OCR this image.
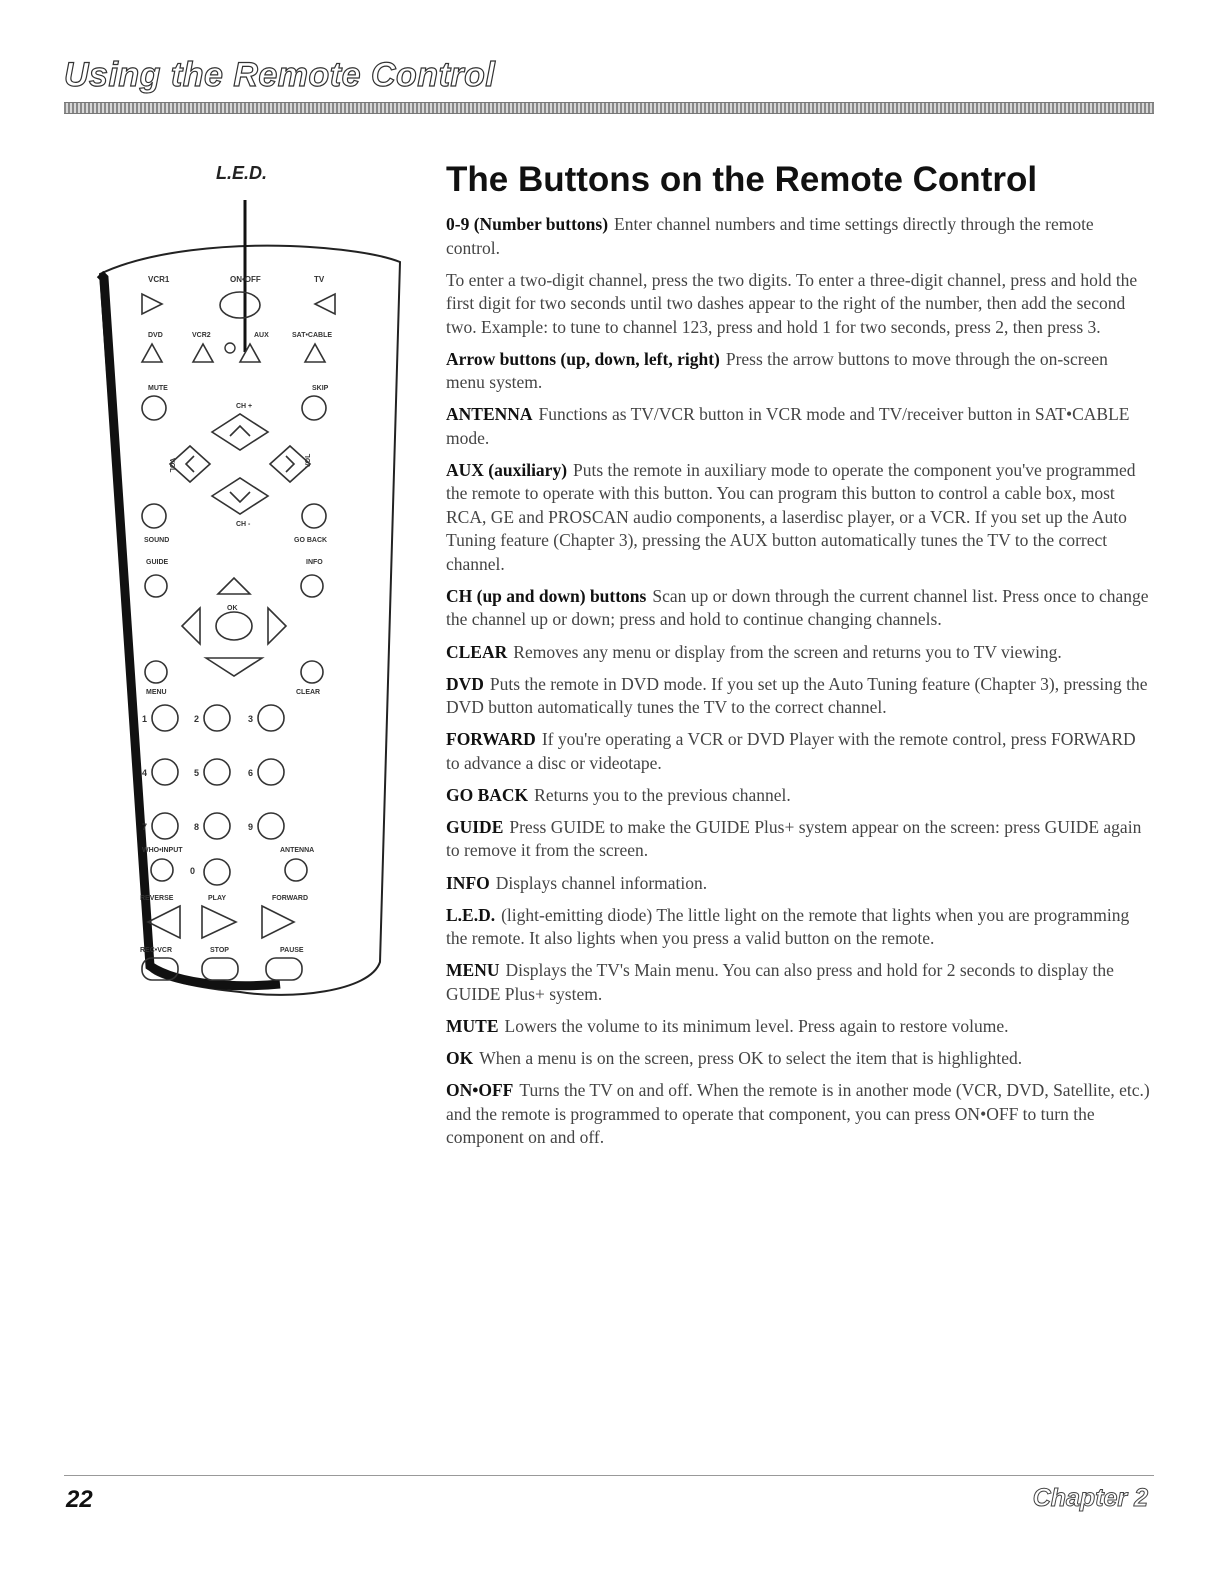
Using the Remote Control
L.E.D.
VCR1	ON•OFF	TV
DVD	VCR2	AUX	SAT•CABLE
MUTE	SKIP
CH +
VOL	VOL
CH -
SOUND	GO BACK
GUIDE	INFO
OK
MENU	CLEAR
1	2	3
4	5	6
7	8	9
WHO•INPUT	ANTENNA
0
REVERSE	PLAY	FORWARD
REC•VCR	STOP	PAUSE
The Buttons on the Remote Control

0-9 (Number buttons) Enter channel numbers and time settings directly through the remote control.

To enter a two-digit channel, press the two digits. To enter a three-digit channel, press and hold the first digit for two seconds until two dashes appear to the right of the number, then add the second two. Example: to tune to channel 123, press and hold 1 for two seconds, press 2, then press 3.

Arrow buttons (up, down, left, right) Press the arrow buttons to move through the on-screen menu system.

ANTENNA Functions as TV/VCR button in VCR mode and TV/receiver button in SAT•CABLE mode.

AUX (auxiliary) Puts the remote in auxiliary mode to operate the component you've programmed the remote to operate with this button. You can program this button to control a cable box, most RCA, GE and PROSCAN audio components, a laserdisc player, or a VCR. If you set up the Auto Tuning feature (Chapter 3), pressing the AUX button automatically tunes the TV to the correct channel.

CH (up and down) buttons Scan up or down through the current channel list. Press once to change the channel up or down; press and hold to continue changing channels.

CLEAR Removes any menu or display from the screen and returns you to TV viewing.

DVD Puts the remote in DVD mode. If you set up the Auto Tuning feature (Chapter 3), pressing the DVD button automatically tunes the TV to the correct channel.

FORWARD If you're operating a VCR or DVD Player with the remote control, press FORWARD to advance a disc or videotape.

GO BACK Returns you to the previous channel.

GUIDE Press GUIDE to make the GUIDE Plus+ system appear on the screen: press GUIDE again to remove it from the screen.

INFO Displays channel information.

L.E.D. (light-emitting diode) The little light on the remote that lights when you are programming the remote. It also lights when you press a valid button on the remote.

MENU Displays the TV's Main menu. You can also press and hold for 2 seconds to display the GUIDE Plus+ system.

MUTE Lowers the volume to its minimum level. Press again to restore volume.

OK When a menu is on the screen, press OK to select the item that is highlighted.

ON•OFF Turns the TV on and off. When the remote is in another mode (VCR, DVD, Satellite, etc.) and the remote is programmed to operate that component, you can press ON•OFF to turn the component on and off.

22	Chapter 2
